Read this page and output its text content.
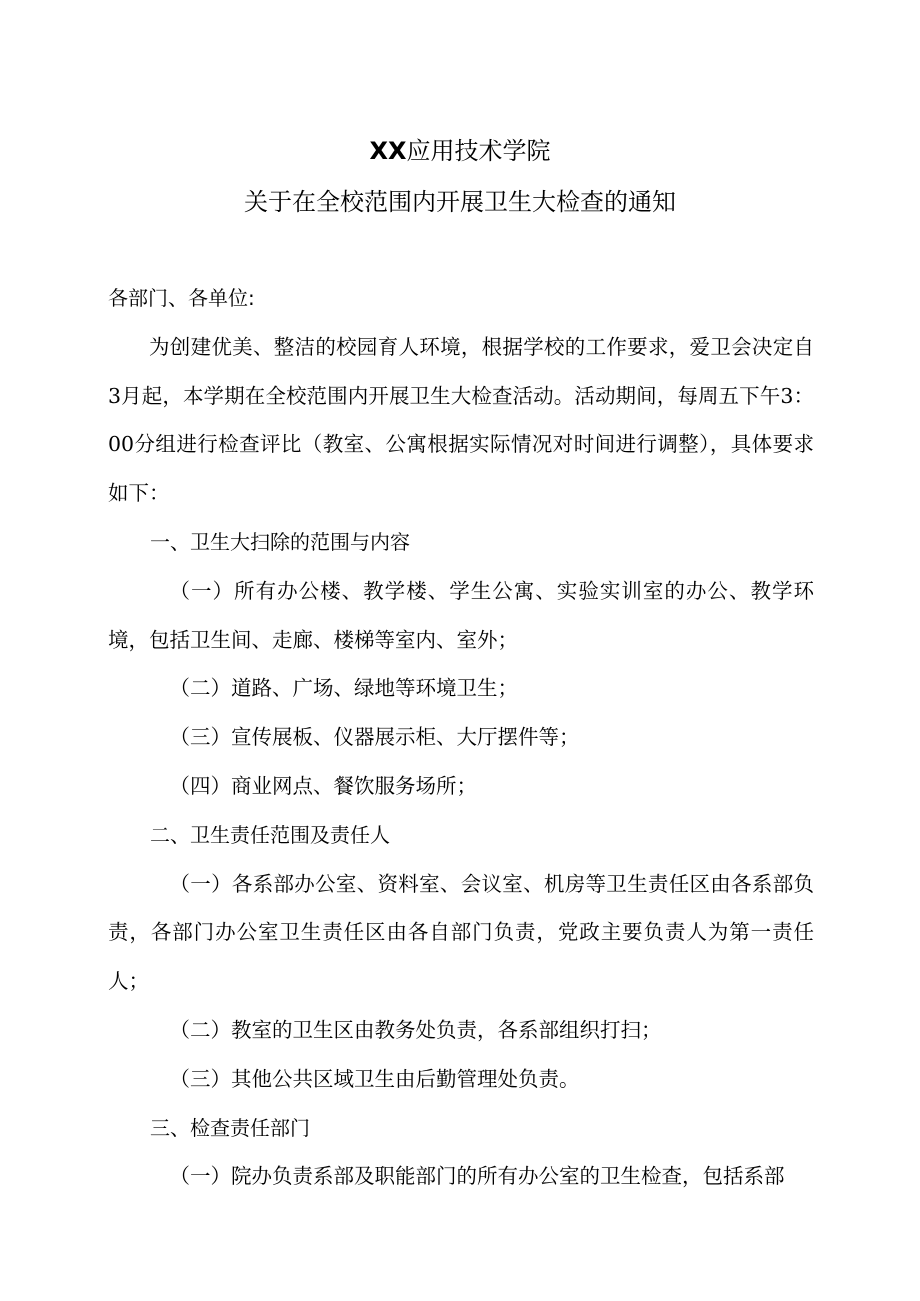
XX应用技术学院
关于在全校范围内开展卫生大检查的通知

各部门、各单位:

为创建优美、整洁的校园育人环境，根据学校的工作要求，爱卫会决定自3月起，本学期在全校范围内开展卫生大检查活动。活动期间，每周五下午3：00分组进行检查评比（教室、公寓根据实际情况对时间进行调整），具体要求如下：

一、卫生大扫除的范围与内容

（一）所有办公楼、教学楼、学生公寓、实验实训室的办公、教学环境，包括卫生间、走廊、楼梯等室内、室外；

（二）道路、广场、绿地等环境卫生；

（三）宣传展板、仪器展示柜、大厅摆件等；

（四）商业网点、餐饮服务场所；

二、卫生责任范围及责任人

（一）各系部办公室、资料室、会议室、机房等卫生责任区由各系部负责，各部门办公室卫生责任区由各自部门负责，党政主要负责人为第一责任人；

（二）教室的卫生区由教务处负责，各系部组织打扫；

（三）其他公共区域卫生由后勤管理处负责。

三、检查责任部门

（一）院办负责系部及职能部门的所有办公室的卫生检查，包括系部
